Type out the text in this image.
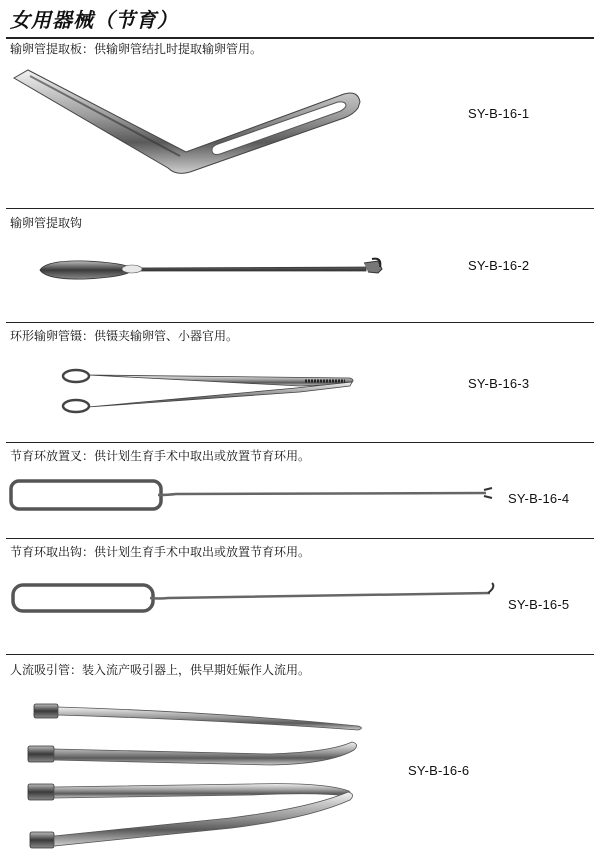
女用器械（节育）
输卵管提取板：供输卵管结扎时提取输卵管用。
SY-B-16-1
输卵管提取钩
SY-B-16-2
环形输卵管镊：供镊夹输卵管、小器官用。
SY-B-16-3
节育环放置叉：供计划生育手术中取出或放置节育环用。
SY-B-16-4
节育环取出钩：供计划生育手术中取出或放置节育环用。
SY-B-16-5
人流吸引管：装入流产吸引器上，供早期妊娠作人流用。
SY-B-16-6
